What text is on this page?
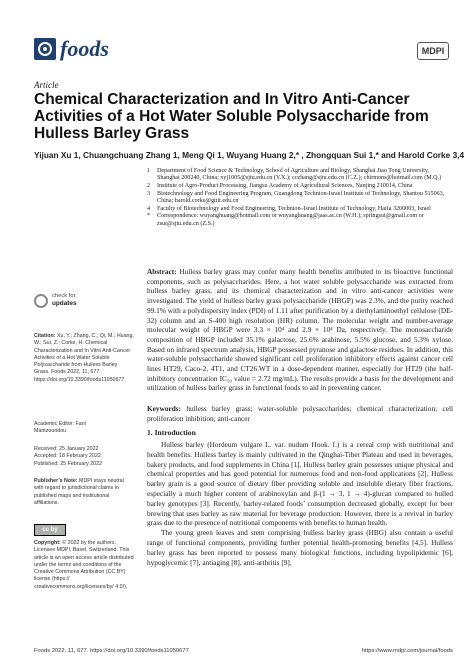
foods	MDPI
Article
Chemical Characterization and In Vitro Anti-Cancer Activities of a Hot Water Soluble Polysaccharide from Hulless Barley Grass
Yijuan Xu 1, Chuangchuang Zhang 1, Meng Qi 1, Wuyang Huang 2,* , Zhongquan Sui 1,* and Harold Corke 3,4
1	Department of Food Science & Technology, School of Agriculture and Biology, Shanghai Jiao Tong University, Shanghai 200240, China; xyj1005@sjtu.edu.cn (Y.X.); cczhang@sjtu.edu.cn (C.Z.); chirmons@hotmail.com (M.Q.)
2	Institute of Agro-Product Processing, Jiangsu Academy of Agricultural Sciences, Nanjing 210014, China
3	Biotechnology and Food Engineering Program, Guangdong Technion-Israel Institute of Technology, Shantou 515063, China; harold.corke@gtiit.edu.cn
4	Faculty of Biotechnology and Food Engineering, Technion–Israel Institute of Technology, Haifa 3200003, Israel
*	Correspondence: wuyanghuang@hotmail.com or wuyanghuang@jaas.ac.cn (W.H.); springsui@gmail.com or zsui@sjtu.edu.cn (Z.S.)
Abstract: Hulless barley grass may confer many health benefits attributed to its bioactive functional components, such as polysaccharides. Here, a hot water soluble polysaccharide was extracted from hulless barley grass, and its chemical characterization and in vitro anti-cancer activities were investigated. The yield of hulless barley grass polysaccharide (HBGP) was 2.3%, and the purity reached 99.1% with a polydispersity index (PDI) of 1.11 after purification by a diethylaminoethyl cellulose (DE-32) column and an S-400 high resolution (HR) column. The molecular weight and number-average molecular weight of HBGP were 3.3 × 10⁴ and 2.9 × 10⁴ Da, respectively. The monosaccharide composition of HBGP included 35.1% galactose, 25.6% arabinose, 5.5% glucose, and 5.3% xylose. Based on infrared spectrum analysis, HBGP possessed pyranose and galactose residues. In addition, this water-soluble polysaccharide showed significant cell proliferation inhibitory effects against cancer cell lines HT29, Caco-2, 4T1, and CT26.WT in a dose-dependent manner, especially for HT29 (the half-inhibitory concentration IC₅₀ value = 2.72 mg/mL). The results provide a basis for the development and utilization of hulless barley grass in functional foods to aid in preventing cancer.
Keywords: hulless barley grass; water-soluble polysaccharides; chemical characterization; cell proliferation inhibition; anti-cancer
check for
updates
Citation: Xu, Y.; Zhang, C.; Qi, M.; Huang, W.; Sui, Z.; Corke, H. Chemical Characterization and In Vitro Anti-Cancer Activities of a Hot Water Soluble Polysaccharide from Hulless Barley Grass. Foods 2022, 11, 677. https://doi.org/10.3390/foods11050677
Academic Editor: Fani
Mantzouridou
Received: 25 January 2022
Accepted: 18 February 2022
Published: 25 February 2022
Publisher’s Note: MDPI stays neutral with regard to jurisdictional claims in published maps and institutional affiliations.
cc by
Copyright: © 2022 by the authors. Licensee MDPI, Basel, Switzerland. This article is an open access article distributed under the terms and conditions of the Creative Commons Attribution (CC BY) license (https:// creativecommons.org/licenses/by/ 4.0/).
1. Introduction

Hulless barley (Hordeum vulgare L. var. nudum Hook. f.) is a cereal crop with nutritional and health benefits. Hulless barley is mainly cultivated in the Qinghai-Tibet Plateau and used in beverages, bakery products, and food supplements in China [1]. Hulless barley grain possesses unique physical and chemical properties and has good potential for numerous food and non-food applications [2]. Hulless barley grain is a good source of dietary fiber providing soluble and insoluble dietary fiber fractions, especially a much higher content of arabinoxylan and β-(1 → 3, 1 → 4)-glucan compared to hulled barley genotypes [3]. Recently, barley-related foods’ consumption decreased globally, except for beer brewing that uses barley as raw material for beverage production. However, there is a revival in barley grass due to the presence of nutritional components with benefits to human health.

The young green leaves and stem comprising hulless barley grass (HBG) also contain a useful range of functional components, providing further potential health-promoting benefits [4,5]. Hulless barley grass has been reported to possess many biological functions, including hypolipidemic [6], hypoglycemic [7], antiaging [8], anti-arthritis [9],

Foods 2022, 11, 677. https://doi.org/10.3390/foods11050677	https://www.mdpi.com/journal/foods
